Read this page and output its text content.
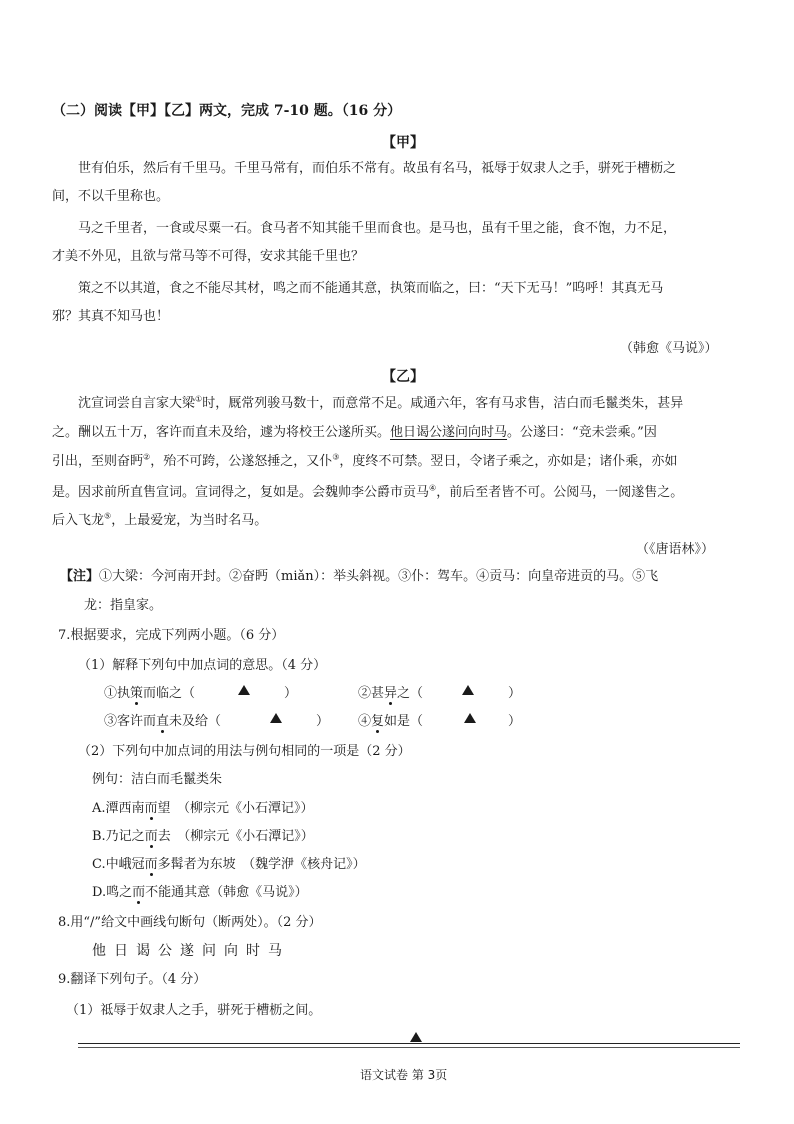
（二）阅读【甲】【乙】两文，完成 7-10 题。（16 分）
【甲】
世有伯乐，然后有千里马。千里马常有，而伯乐不常有。故虽有名马，祗辱于奴隶人之手，骈死于槽枥之
间，不以千里称也。
马之千里者，一食或尽粟一石。食马者不知其能千里而食也。是马也，虽有千里之能，食不饱，力不足，
才美不外见，且欲与常马等不可得，安求其能千里也？
策之不以其道，食之不能尽其材，鸣之而不能通其意，执策而临之，曰：“天下无马！”呜呼！其真无马
邪？其真不知马也！
（韩愈《马说》）
【乙】
沈宣词尝自言家大梁①时，厩常列骏马数十，而意常不足。咸通六年，客有马求售，洁白而毛鬣类朱，甚异
之。酬以五十万，客许而直未及给，遽为将校王公遂所买。他日谒公遂问向时马。公遂曰：“竞未尝乘。”因
引出，至则奋眄②，殆不可跨，公遂怒捶之，又仆③，度终不可禁。翌日，令诸子乘之，亦如是；诸仆乘，亦如
是。因求前所直售宣词。宣词得之，复如是。会魏帅李公爵市贡马④，前后至者皆不可。公阅马，一阅遂售之。
后入飞龙⑤，上最爱宠，为当时名马。
（《唐语林》）
【注】①大梁：今河南开封。②奋眄（miǎn）：举头斜视。③仆：驾车。④贡马：向皇帝进贡的马。⑤飞
龙：指皇家。
7.根据要求，完成下列两小题。（6 分）
（1）解释下列句中加点词的意思。（4 分）
①执策而临之（	）	②甚异之（	）
③客许而直未及给（	） ④复如是（	）
（2）下列句中加点词的用法与例句相同的一项是（2 分）
例句：洁白而毛鬣类朱
A.潭西南而望　（柳宗元《小石潭记》）
B.乃记之而去　（柳宗元《小石潭记》）
C.中峨冠而多髯者为东坡　（魏学洢《核舟记》）
D.鸣之而不能通其意（韩愈《马说》）
8.用“/”给文中画线句断句（断两处）。（2 分）
他日谒公遂问向时马
9.翻译下列句子。（4 分）
（1）祗辱于奴隶人之手，骈死于槽枥之间。
语文试卷 第 3页
